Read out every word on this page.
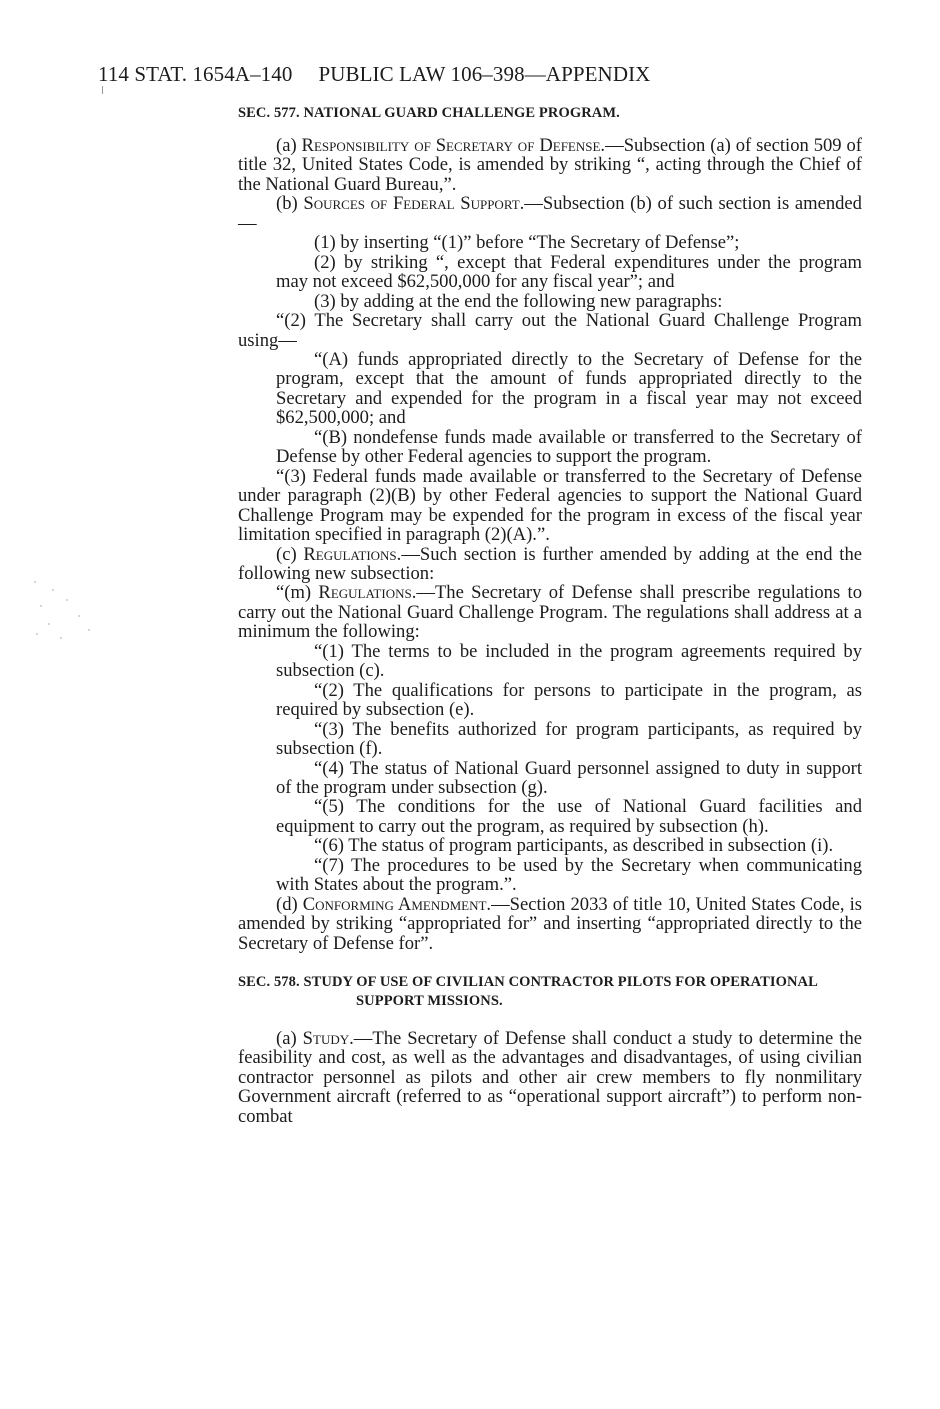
114 STAT. 1654A–140 PUBLIC LAW 106–398—APPENDIX
SEC. 577. NATIONAL GUARD CHALLENGE PROGRAM.

(a) Responsibility of Secretary of Defense.—Subsection (a) of section 509 of title 32, United States Code, is amended by striking “, acting through the Chief of the National Guard Bureau,”.

(b) Sources of Federal Support.—Subsection (b) of such section is amended—

(1) by inserting “(1)” before “The Secretary of Defense”;

(2) by striking “, except that Federal expenditures under the program may not exceed $62,500,000 for any fiscal year”; and

(3) by adding at the end the following new paragraphs:

“(2) The Secretary shall carry out the National Guard Challenge Program using—

“(A) funds appropriated directly to the Secretary of Defense for the program, except that the amount of funds appropriated directly to the Secretary and expended for the program in a fiscal year may not exceed $62,500,000; and

“(B) nondefense funds made available or transferred to the Secretary of Defense by other Federal agencies to support the program.

“(3) Federal funds made available or transferred to the Secretary of Defense under paragraph (2)(B) by other Federal agencies to support the National Guard Challenge Program may be expended for the program in excess of the fiscal year limitation specified in paragraph (2)(A).”.

(c) Regulations.—Such section is further amended by adding at the end the following new subsection:

“(m) Regulations.—The Secretary of Defense shall prescribe regulations to carry out the National Guard Challenge Program. The regulations shall address at a minimum the following:

“(1) The terms to be included in the program agreements required by subsection (c).

“(2) The qualifications for persons to participate in the program, as required by subsection (e).

“(3) The benefits authorized for program participants, as required by subsection (f).

“(4) The status of National Guard personnel assigned to duty in support of the program under subsection (g).

“(5) The conditions for the use of National Guard facilities and equipment to carry out the program, as required by subsection (h).

“(6) The status of program participants, as described in subsection (i).

“(7) The procedures to be used by the Secretary when communicating with States about the program.”.

(d) Conforming Amendment.—Section 2033 of title 10, United States Code, is amended by striking “appropriated for” and inserting “appropriated directly to the Secretary of Defense for”.

SEC. 578. STUDY OF USE OF CIVILIAN CONTRACTOR PILOTS FOR OPERATIONAL SUPPORT MISSIONS.

(a) Study.—The Secretary of Defense shall conduct a study to determine the feasibility and cost, as well as the advantages and disadvantages, of using civilian contractor personnel as pilots and other air crew members to fly nonmilitary Government aircraft (referred to as “operational support aircraft”) to perform non-combat
